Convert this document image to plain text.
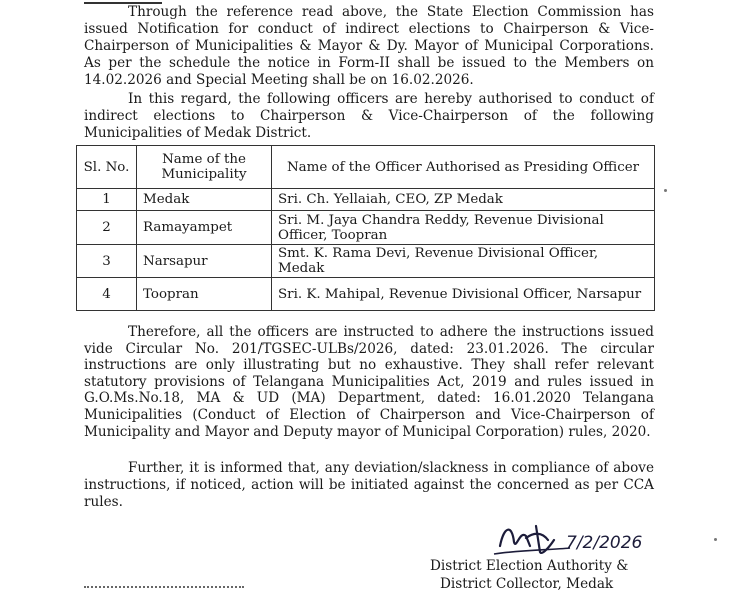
Through the reference read above, the State Election Commission has issued Notification for conduct of indirect elections to Chairperson & Vice-Chairperson of Municipalities & Mayor & Dy. Mayor of Municipal Corporations. As per the schedule the notice in Form-II shall be issued to the Members on 14.02.2026 and Special Meeting shall be on 16.02.2026.

In this regard, the following officers are hereby authorised to conduct of indirect elections to Chairperson & Vice-Chairperson of the following Municipalities of Medak District.

Sl. No.	Name of the Municipality	Name of the Officer Authorised as Presiding Officer
1	Medak	Sri. Ch. Yellaiah, CEO, ZP Medak
2	Ramayampet	Sri. M. Jaya Chandra Reddy, Revenue Divisional Officer, Toopran
3	Narsapur	Smt. K. Rama Devi, Revenue Divisional Officer, Medak
4	Toopran	Sri. K. Mahipal, Revenue Divisional Officer, Narsapur

Therefore, all the officers are instructed to adhere the instructions issued vide Circular No. 201/TGSEC-ULBs/2026, dated: 23.01.2026. The circular instructions are only illustrating but no exhaustive. They shall refer relevant statutory provisions of Telangana Municipalities Act, 2019 and rules issued in G.O.Ms.No.18, MA & UD (MA) Department, dated: 16.01.2020 Telangana Municipalities (Conduct of Election of Chairperson and Vice-Chairperson of Municipality and Mayor and Deputy mayor of Municipal Corporation) rules, 2020.

Further, it is informed that, any deviation/slackness in compliance of above instructions, if noticed, action will be initiated against the concerned as per CCA rules.

7/2/2026
District Election Authority &
District Collector, Medak
